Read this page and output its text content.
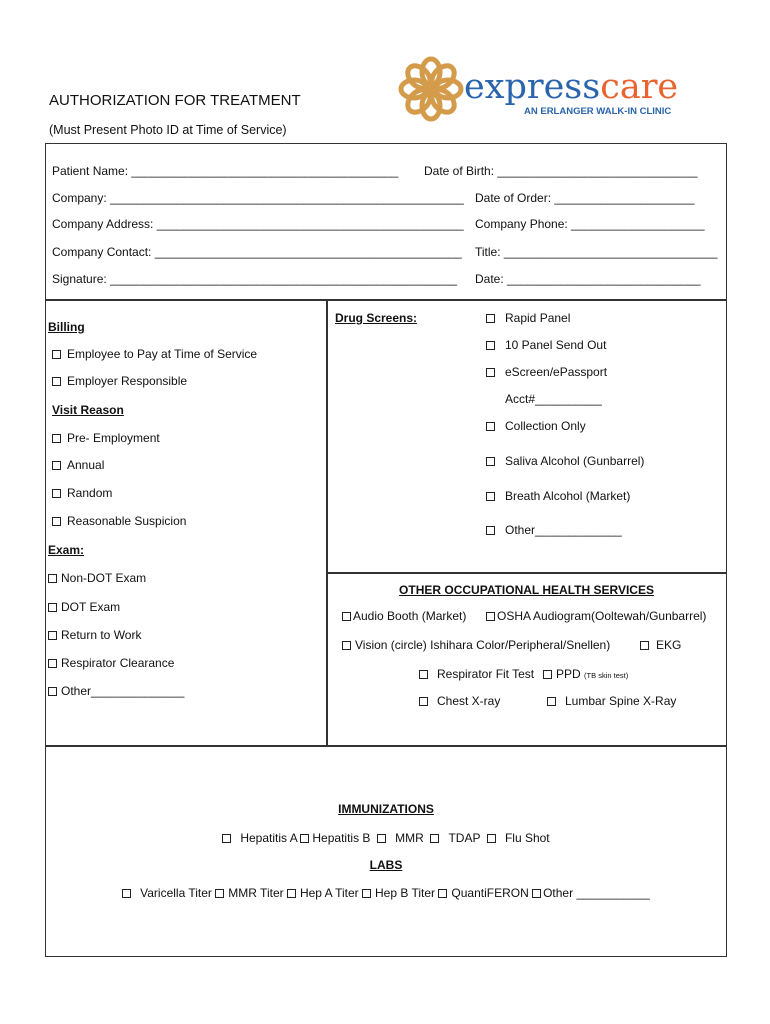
expresscare
AN ERLANGER WALK-IN CLINIC
AUTHORIZATION FOR TREATMENT
(Must Present Photo ID at Time of Service)
Patient Name: ________________________________________ Date of Birth: ______________________________
Company: _____________________________________________________ Date of Order: _____________________
Company Address: ______________________________________________ Company Phone: ____________________
Company Contact: ______________________________________________ Title: ________________________________
Signature: ____________________________________________________ Date: _____________________________
Billing
Employee to Pay at Time of Service
Employer Responsible
Visit Reason
Pre- Employment
Annual
Random
Reasonable Suspicion
Exam:
Non-DOT Exam
DOT Exam
Return to Work
Respirator Clearance
Other______________
Drug Screens:	Rapid Panel
10 Panel Send Out
eScreen/ePassport
Acct#__________
Collection Only
Saliva Alcohol (Gunbarrel)
Breath Alcohol (Market)
Other_____________
OTHER OCCUPATIONAL HEALTH SERVICES
Audio Booth (Market)	OSHA Audiogram(Ooltewah/Gunbarrel)
Vision (circle) Ishihara Color/Peripheral/Snellen)	EKG
Respirator Fit Test	PPD (TB skin test)
Chest X-ray	Lumbar Spine X-Ray
IMMUNIZATIONS
Hepatitis A Hepatitis B MMR TDAP Flu Shot
LABS
Varicella Titer MMR Titer Hep A Titer Hep B Titer QuantiFERON Other ___________
